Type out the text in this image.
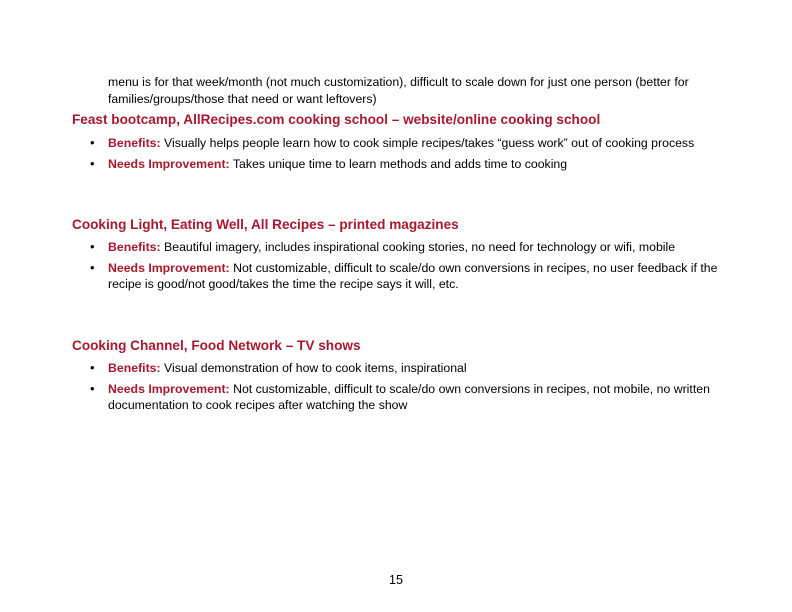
menu is for that week/month (not much customization), difficult to scale down for just one person (better for families/groups/those that need or want leftovers)
Feast bootcamp, AllRecipes.com cooking school – website/online cooking school
• Benefits: Visually helps people learn how to cook simple recipes/takes “guess work” out of cooking process
• Needs Improvement: Takes unique time to learn methods and adds time to cooking
Cooking Light, Eating Well, All Recipes – printed magazines
• Benefits: Beautiful imagery, includes inspirational cooking stories, no need for technology or wifi, mobile
• Needs Improvement: Not customizable, difficult to scale/do own conversions in recipes, no user feedback if the recipe is good/not good/takes the time the recipe says it will, etc.
Cooking Channel, Food Network – TV shows
• Benefits: Visual demonstration of how to cook items, inspirational
• Needs Improvement: Not customizable, difficult to scale/do own conversions in recipes, not mobile, no written documentation to cook recipes after watching the show
15
